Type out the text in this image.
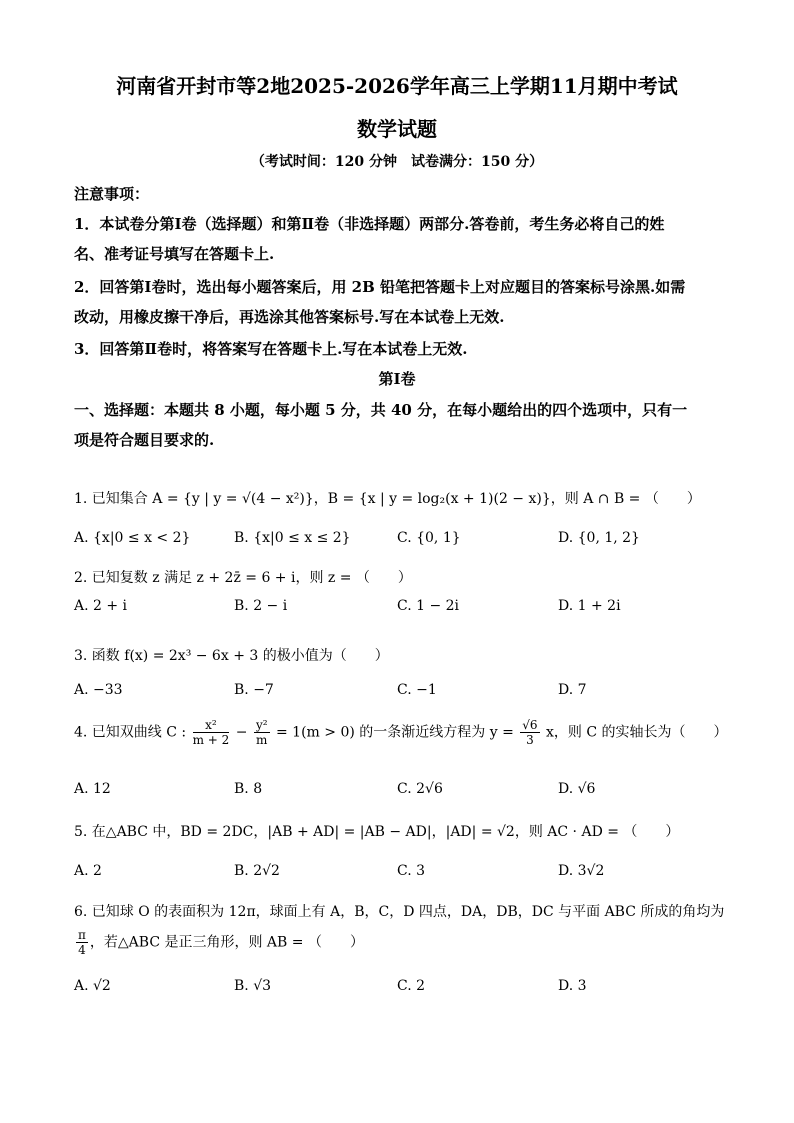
河南省开封市等2地2025-2026学年高三上学期11月期中考试
数学试题
（考试时间：120 分钟　试卷满分：150 分）
注意事项：
1．本试卷分第Ⅰ卷（选择题）和第Ⅱ卷（非选择题）两部分.答卷前，考生务必将自己的姓
名、准考证号填写在答题卡上.
2．回答第Ⅰ卷时，选出每小题答案后，用 2B 铅笔把答题卡上对应题目的答案标号涂黑.如需
改动，用橡皮擦干净后，再选涂其他答案标号.写在本试卷上无效.
3．回答第Ⅱ卷时，将答案写在答题卡上.写在本试卷上无效.
第Ⅰ卷
一、选择题：本题共 8 小题，每小题 5 分，共 40 分，在每小题给出的四个选项中，只有一
项是符合题目要求的.
1. 已知集合 A = {y | y = √(4 − x²)}，B = {x | y = log₂(x + 1)(2 − x)}，则 A ∩ B = （　　）
A. {x|0 ≤ x < 2}	B. {x|0 ≤ x ≤ 2}	C. {0, 1}	D. {0, 1, 2}
2. 已知复数 z 满足 z + 2z̄ = 6 + i，则 z = （　　）
A. 2 + i	B. 2 − i	C. 1 − 2i	D. 1 + 2i
3. 函数 f(x) = 2x³ − 6x + 3 的极小值为（　　）
A. −33	B. −7	C. −1	D. 7
4. 已知双曲线 C : $\frac{\text{x²}}{m + 2} - \frac{\text{y²}}{m} = 1(m > 0)$ 的一条渐近线方程为 $y = \frac{√6}{3}$ x，则 C 的实轴长为（　　）
A. 12	B. 8	C. 2√6	D. √6
5. 在△ABC 中，BD = 2DC，|AB + AD| = |AB − AD|，|AD| = √2，则 AC · AD = （　　）
A. 2	B. 2√2	C. 3	D. 3√2
6. 已知球 O 的表面积为 12π，球面上有 A，B，C，D 四点，DA，DB，DC 与平面 ABC 所成的角均为
$\frac{\pi}{4}$ ，若△ABC 是正三角形，则 AB = （　　）
A. √2	B. √3	C. 2	D. 3
